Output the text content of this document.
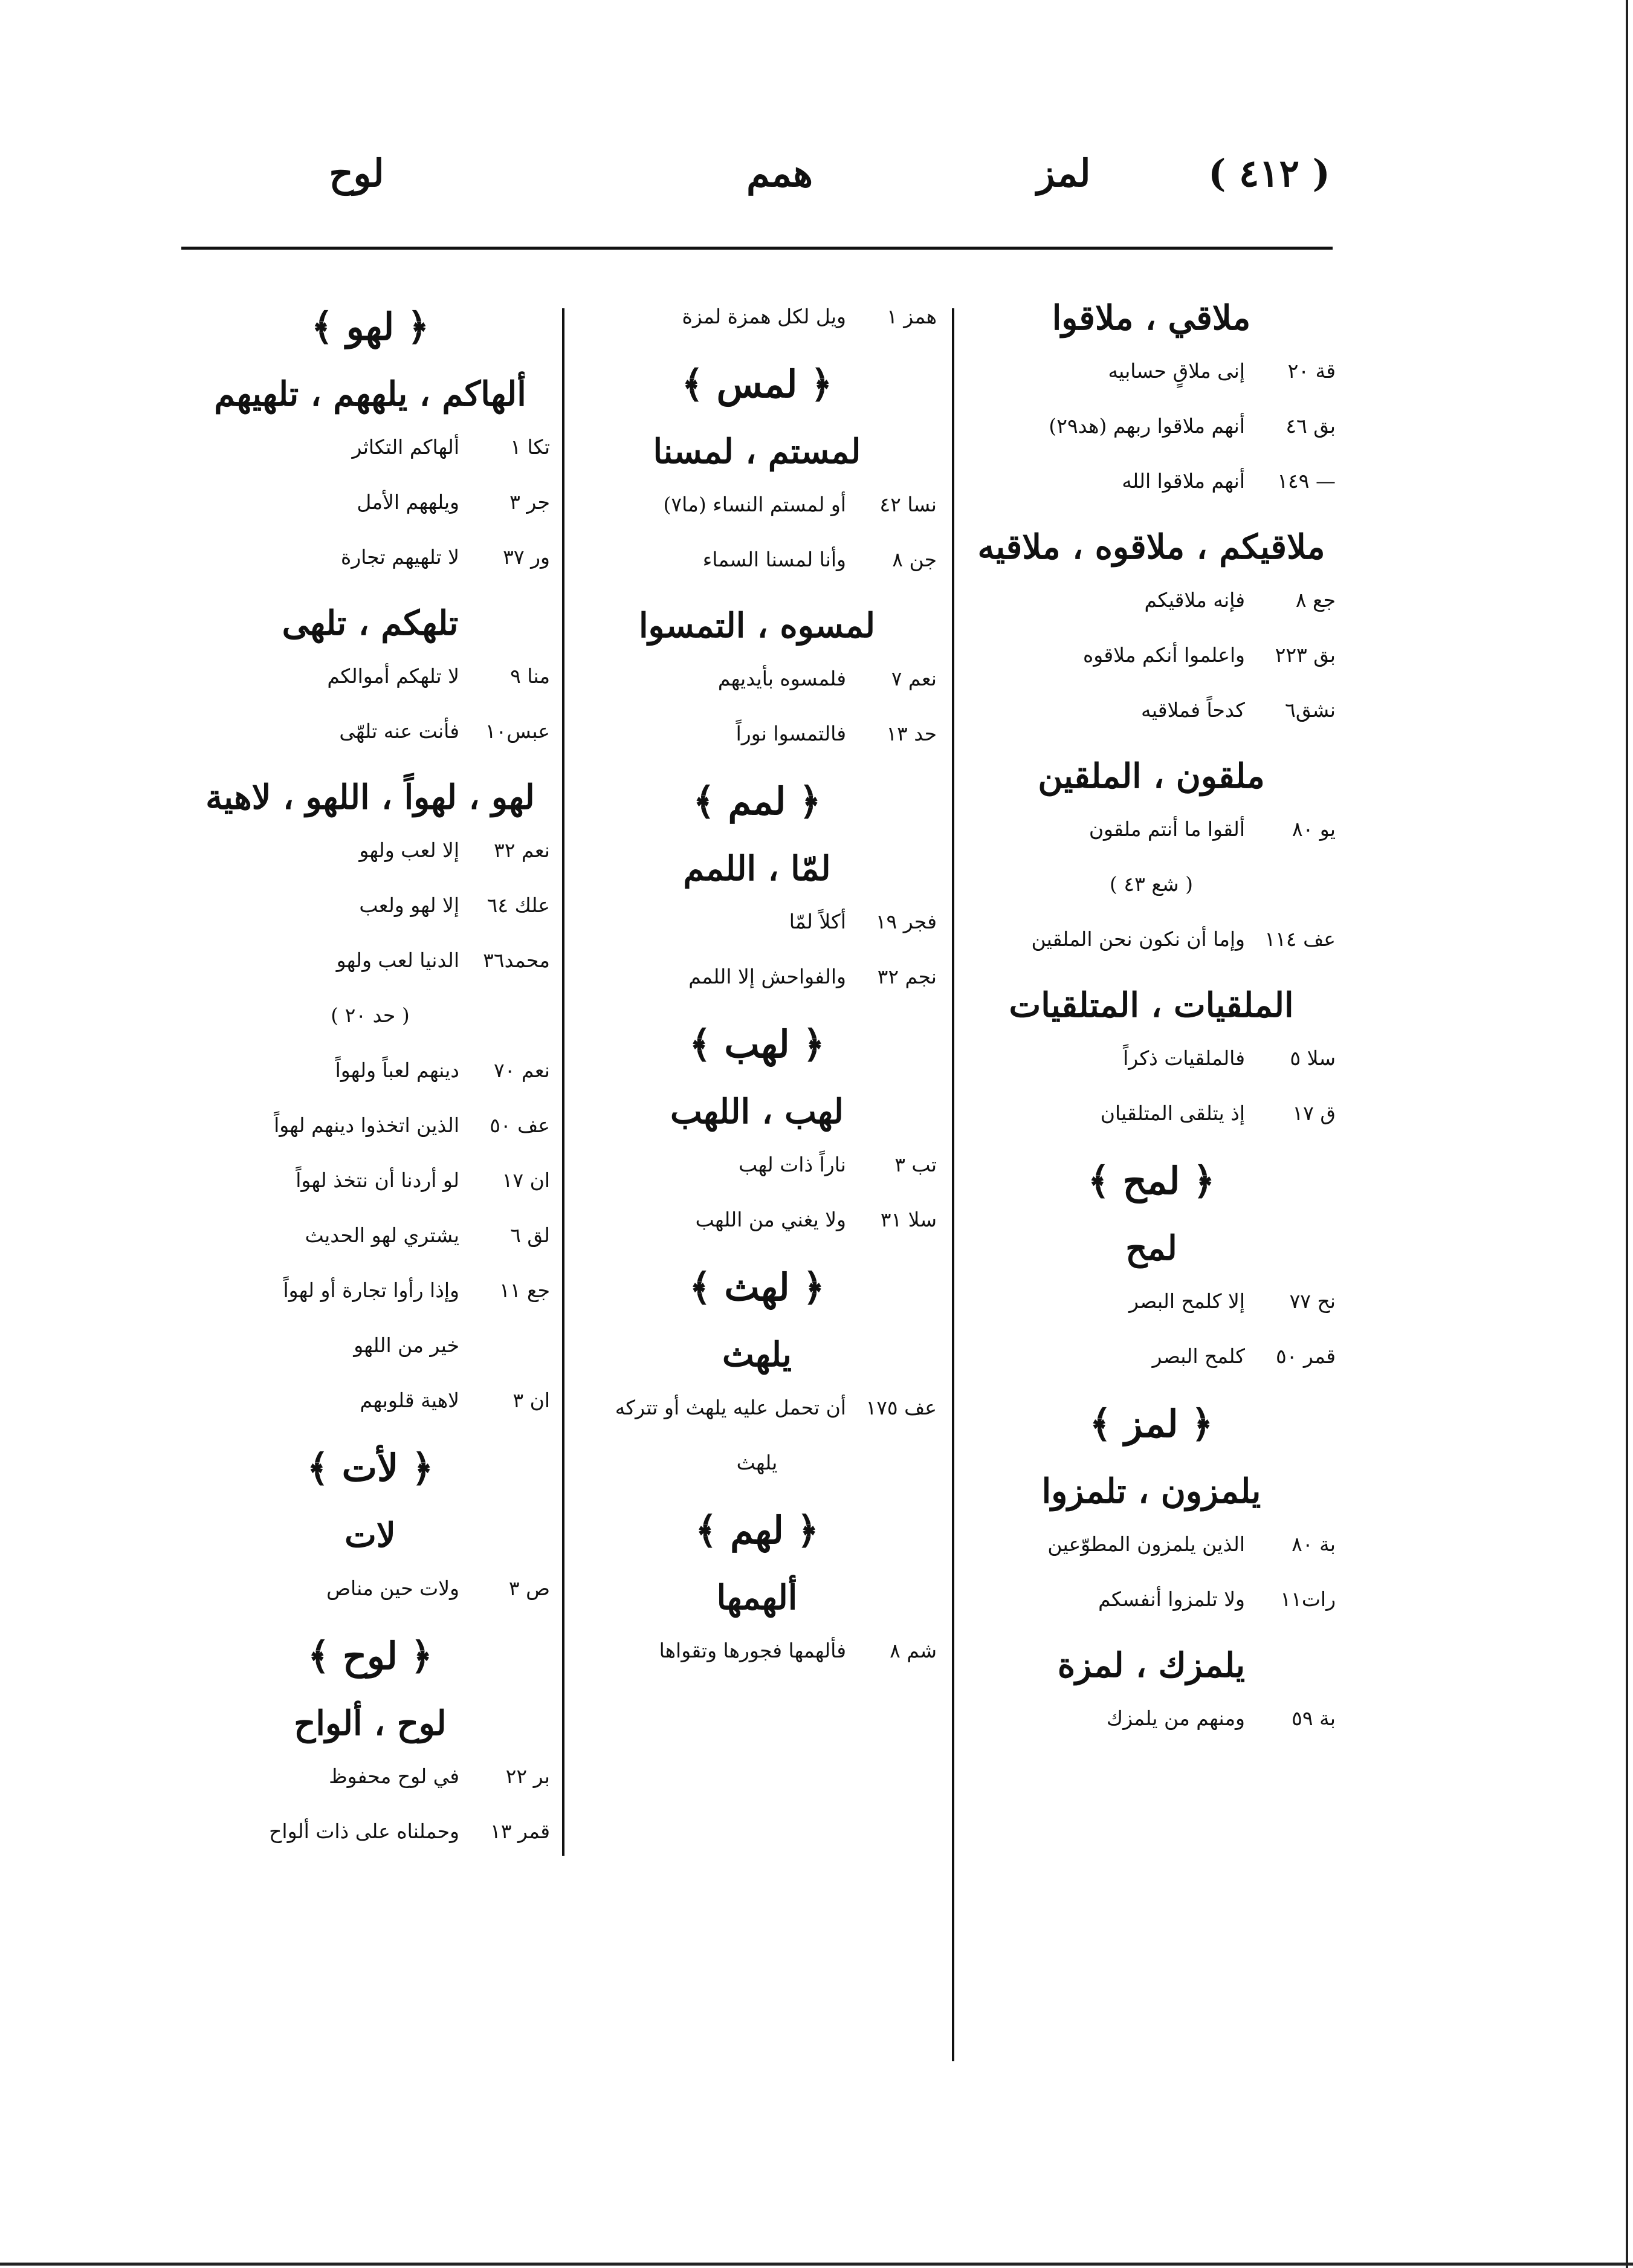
( ٤١٢ )
لمز
همم
لوح
ملاقي ، ملاقوا
قة ٢٠إنى ملاقٍ حسابيه
بق ٤٦أنهم ملاقوا ربهم (هد٢٩)
— ١٤٩أنهم ملاقوا الله
ملاقيكم ، ملاقوه ، ملاقيه
جع ٨فإنه ملاقيكم
بق ٢٢٣واعلموا أنكم ملاقوه
نشق٦كدحاً فملاقيه
ملقون ، الملقين
يو ٨٠ألقوا ما أنتم ملقون
( شع ٤٣ )
عف ١١٤وإما أن نكون نحن الملقين
الملقيات ، المتلقيات
سلا ٥فالملقيات ذكراً
ق ١٧إذ يتلقى المتلقيان
﴿ لمح ﴾
لمح
نح ٧٧إلا كلمح البصر
قمر ٥٠كلمح البصر
﴿ لمز ﴾
يلمزون ، تلمزوا
بة ٨٠الذين يلمزون المطوّعين
رات١١ولا تلمزوا أنفسكم
يلمزك ، لمزة
بة ٥٩ومنهم من يلمزك
همز ١ويل لكل همزة لمزة
﴿ لمس ﴾
لمستم ، لمسنا
نسا ٤٢أو لمستم النساء (ما٧)
جن ٨وأنا لمسنا السماء
لمسوه ، التمسوا
نعم ٧فلمسوه بأيديهم
حد ١٣فالتمسوا نوراً
﴿ لمم ﴾
لمّا ، اللمم
فجر ١٩أكلاً لمّا
نجم ٣٢والفواحش إلا اللمم
﴿ لهب ﴾
لهب ، اللهب
تب ٣ناراً ذات لهب
سلا ٣١ولا يغني من اللهب
﴿ لهث ﴾
يلهث
عف ١٧٥أن تحمل عليه يلهث أو تتركه
يلهث
﴿ لهم ﴾
ألهمها
شم ٨فألهمها فجورها وتقواها
﴿ لهو ﴾
ألهاكم ، يلههم ، تلهيهم
تكا ١ألهاكم التكاثر
جر ٣ويلههم الأمل
ور ٣٧لا تلهيهم تجارة
تلهكم ، تلهى
منا ٩لا تلهكم أموالكم
عبس١٠فأنت عنه تلهّى
لهو ، لهواً ، اللهو ، لاهية
نعم ٣٢إلا لعب ولهو
علك ٦٤إلا لهو ولعب
محمد٣٦الدنيا لعب ولهو
( حد ٢٠ )
نعم ٧٠دينهم لعباً ولهواً
عف ٥٠الذين اتخذوا دينهم لهواً
ان ١٧لو أردنا أن نتخذ لهواً
لق ٦يشتري لهو الحديث
جع ١١وإذا رأوا تجارة أو لهواً
خير من اللهو
ان ٣لاهية قلوبهم
﴿ لأت ﴾
لات
ص ٣ولات حين مناص
﴿ لوح ﴾
لوح ، ألواح
بر ٢٢في لوح محفوظ
قمر ١٣وحملناه على ذات ألواح
